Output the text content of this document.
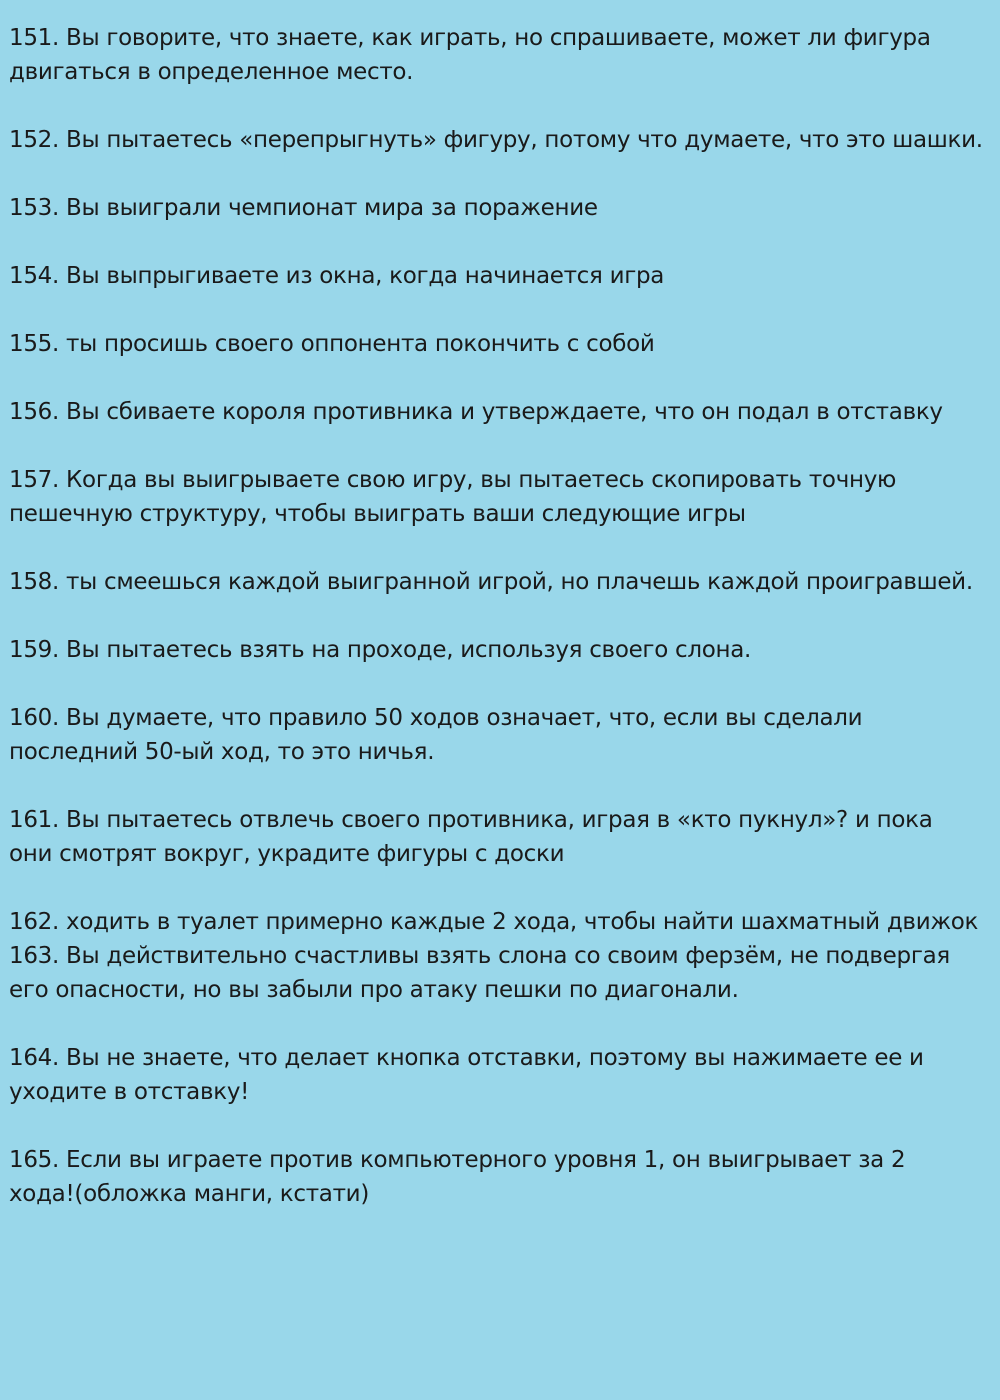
151. Вы говорите, что знаете, как играть, но спрашиваете, может ли фигура
двигаться в определенное место.

152. Вы пытаетесь «перепрыгнуть» фигуру, потому что думаете, что это шашки.

153. Вы выиграли чемпионат мира за поражение

154. Вы выпрыгиваете из окна, когда начинается игра

155. ты просишь своего оппонента покончить с собой

156. Вы сбиваете короля противника и утверждаете, что он подал в отставку

157. Когда вы выигрываете свою игру, вы пытаетесь скопировать точную
пешечную структуру, чтобы выиграть ваши следующие игры

158. ты смеешься каждой выигранной игрой, но плачешь каждой проигравшей.

159. Вы пытаетесь взять на проходе, используя своего слона.

160. Вы думаете, что правило 50 ходов означает, что, если вы сделали
последний 50-ый ход, то это ничья.

161. Вы пытаетесь отвлечь своего противника, играя в «кто пукнул»? и пока
они смотрят вокруг, украдите фигуры с доски

162. ходить в туалет примерно каждые 2 хода, чтобы найти шахматный движок
163. Вы действительно счастливы взять слона со своим ферзём, не подвергая
его опасности, но вы забыли про атаку пешки по диагонали.

164. Вы не знаете, что делает кнопка отставки, поэтому вы нажимаете ее и
уходите в отставку!

165. Если вы играете против компьютерного уровня 1, он выигрывает за 2
хода!(обложка манги, кстати)
